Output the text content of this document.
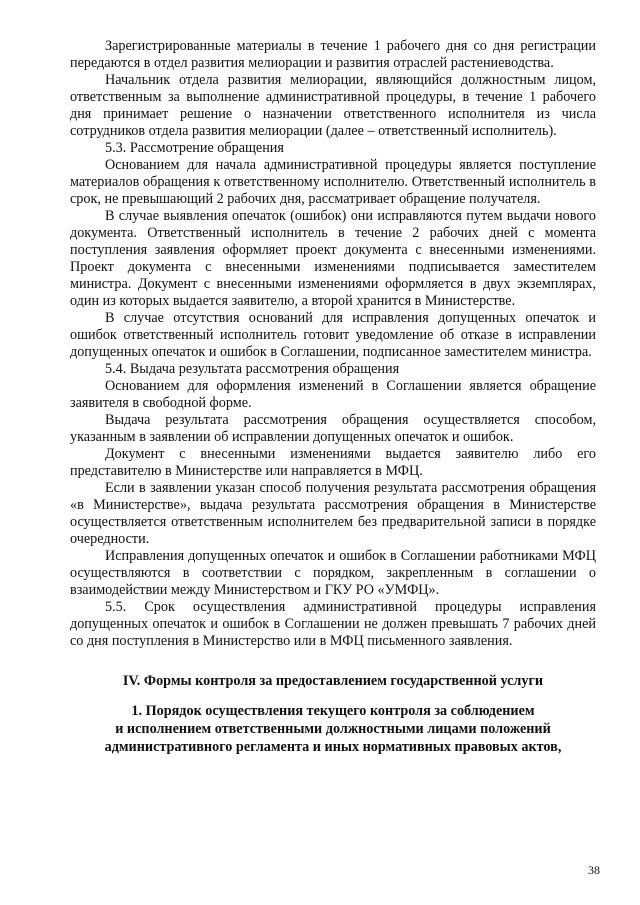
Зарегистрированные материалы в течение 1 рабочего дня со дня регистрации передаются в отдел развития мелиорации и развития отраслей растениеводства.

Начальник отдела развития мелиорации, являющийся должностным лицом, ответственным за выполнение административной процедуры, в течение 1 рабочего дня принимает решение о назначении ответственного исполнителя из числа сотрудников отдела развития мелиорации (далее – ответственный исполнитель).

5.3. Рассмотрение обращения

Основанием для начала административной процедуры является поступление материалов обращения к ответственному исполнителю. Ответственный исполнитель в срок, не превышающий 2 рабочих дня, рассматривает обращение получателя.

В случае выявления опечаток (ошибок) они исправляются путем выдачи нового документа. Ответственный исполнитель в течение 2 рабочих дней с момента поступления заявления оформляет проект документа с внесенными изменениями. Проект документа с внесенными изменениями подписывается заместителем министра. Документ с внесенными изменениями оформляется в двух экземплярах, один из которых выдается заявителю, а второй хранится в Министерстве.

В случае отсутствия оснований для исправления допущенных опечаток и ошибок ответственный исполнитель готовит уведомление об отказе в исправлении допущенных опечаток и ошибок в Соглашении, подписанное заместителем министра.

5.4. Выдача результата рассмотрения обращения

Основанием для оформления изменений в Соглашении является обращение заявителя в свободной форме.

Выдача результата рассмотрения обращения осуществляется способом, указанным в заявлении об исправлении допущенных опечаток и ошибок.

Документ с внесенными изменениями выдается заявителю либо его представителю в Министерстве или направляется в МФЦ.

Если в заявлении указан способ получения результата рассмотрения обращения «в Министерстве», выдача результата рассмотрения обращения в Министерстве осуществляется ответственным исполнителем без предварительной записи в порядке очередности.

Исправления допущенных опечаток и ошибок в Соглашении работниками МФЦ осуществляются в соответствии с порядком, закрепленным в соглашении о взаимодействии между Министерством и ГКУ РО «УМФЦ».

5.5. Срок осуществления административной процедуры исправления допущенных опечаток и ошибок в Соглашении не должен превышать 7 рабочих дней со дня поступления в Министерство или в МФЦ письменного заявления.

IV. Формы контроля за предоставлением государственной услуги
1. Порядок осуществления текущего контроля за соблюдением
и исполнением ответственными должностными лицами положений
административного регламента и иных нормативных правовых актов,
38
